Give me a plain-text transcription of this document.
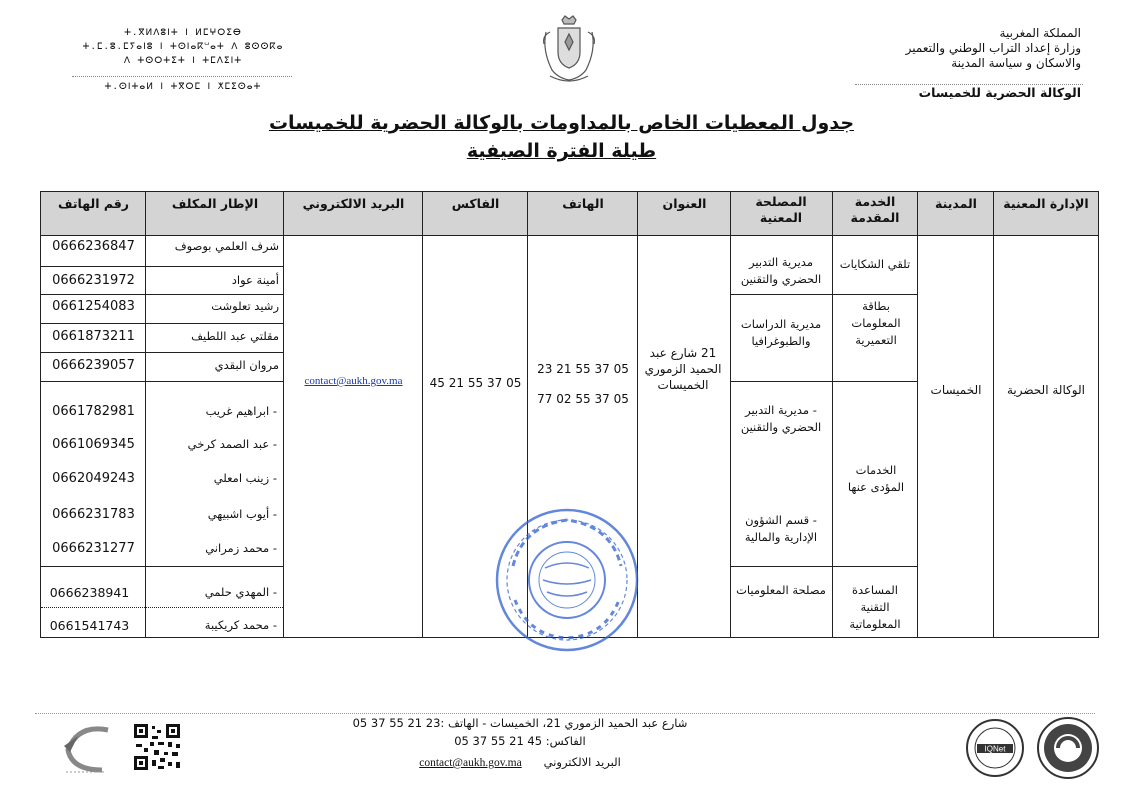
المملكة المغربية
وزارة إعداد التراب الوطني والتعمير
والاسكان و سياسة المدينة
الوكالة الحضرية للخميسات
ⵜ.ⴳⵍⴷⵓⵏⵜ ⵏ ⵍⵎⵖⵔⵉⴱ
ⵜ.ⵎ.ⵓ.ⵎⵢⴰⵏⵓ ⵏ ⵜⵙⵏⴰⴽⵯⴰⵜ ⴷ ⵓⵙⵙⴽⴰ
ⴷ ⵜⵙⵔⵜⵉⵜ ⵏ ⵜⵎⴷⵉⵏⵜ
ⵜ.ⵙⵏⵜⴰⵍ ⵏ ⵜⴳⵔⵎ ⵏ ⵅⵎⵉⵙⴰⵜ
جدول المعطيات الخاص بالمداومات بالوكالة الحضرية للخميسات
طيلة الفترة الصيفية
الإدارة المعنية
المدينة
الخدمة المقدمة
المصلحة المعنية
العنوان
الهاتف
الفاكس
البريد الالكتروني
الإطار المكلف
رقم الهاتف
الوكالة الحضرية
الخميسات
تلقي الشكايات
بطاقة المعلومات التعميرية
الخدمات المؤدى عنها
المساعدة التقنية المعلوماتية
مديرية التدبير الحضري والتقنين
مديرية الدراسات والطبوغرافيا
- مديرية التدبير الحضري والتقنين
- قسم الشؤون الإدارية والمالية
مصلحة المعلوميات
21 شارع عبد الحميد الزموري الخميسات
05 37 55 21 23
05 37 55 02 77
05 37 55 21 45
contact@aukh.gov.ma
شرف العلمي بوصوف
0666236847
أمينة عواد
0666231972
رشيد تعلوشت
0661254083
مقلتي عبد اللطيف
0661873211
مروان البقدي
0666239057
- ابراهيم غريب
0661782981
- عبد الصمد كرخي
0661069345
- زينب امعلي
0662049243
- أيوب اشبيهي
0666231783
- محمد زمراني
0666231277
- المهدي حلمي
0666238941
- محمد كريكيبة
0661541743
شارع عبد الحميد الزموري 21، الخميسات - الهاتف :23 21 55 37 05
الفاكس: 45 21 55 37 05
البريد الالكتروني      contact@aukh.gov.ma
IQNet
